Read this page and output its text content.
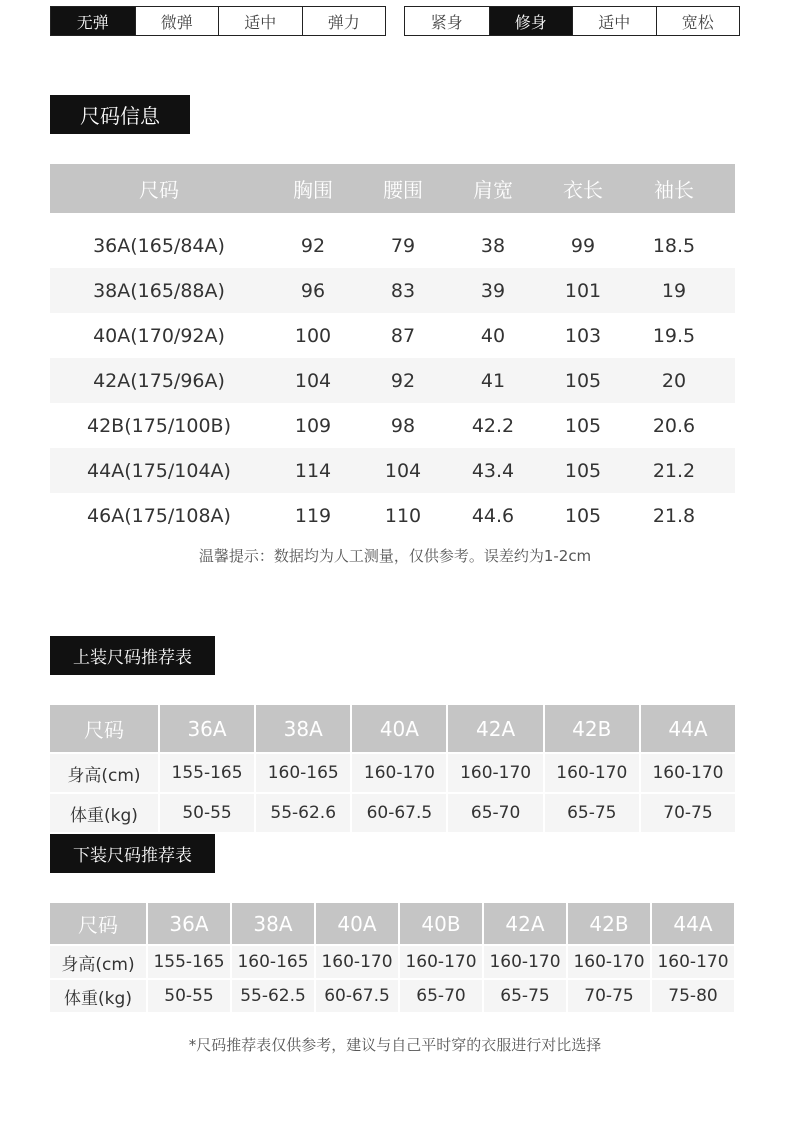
无弹	微弹	适中	弹力	紧身	修身	适中	宽松
尺码信息
尺码	胸围	腰围	肩宽	衣长	袖长
36A(165/84A)	92	79	38	99	18.5
38A(165/88A)	96	83	39	101	19
40A(170/92A)	100	87	40	103	19.5
42A(175/96A)	104	92	41	105	20
42B(175/100B)	109	98	42.2	105	20.6
44A(175/104A)	114	104	43.4	105	21.2
46A(175/108A)	119	110	44.6	105	21.8
温馨提示：数据均为人工测量，仅供参考。误差约为1-2cm
上装尺码推荐表
尺码	36A	38A	40A	42A	42B	44A
身高(cm)	155-165	160-165	160-170	160-170	160-170	160-170
体重(kg)	50-55	55-62.6	60-67.5	65-70	65-75	70-75
下装尺码推荐表
尺码	36A	38A	40A	40B	42A	42B	44A
身高(cm)	155-165 160-165 160-170 160-170 160-170 160-170 160-170
体重(kg)	50-55	55-62.5	60-67.5	65-70	65-75	70-75	75-80
*尺码推荐表仅供参考，建议与自己平时穿的衣服进行对比选择
